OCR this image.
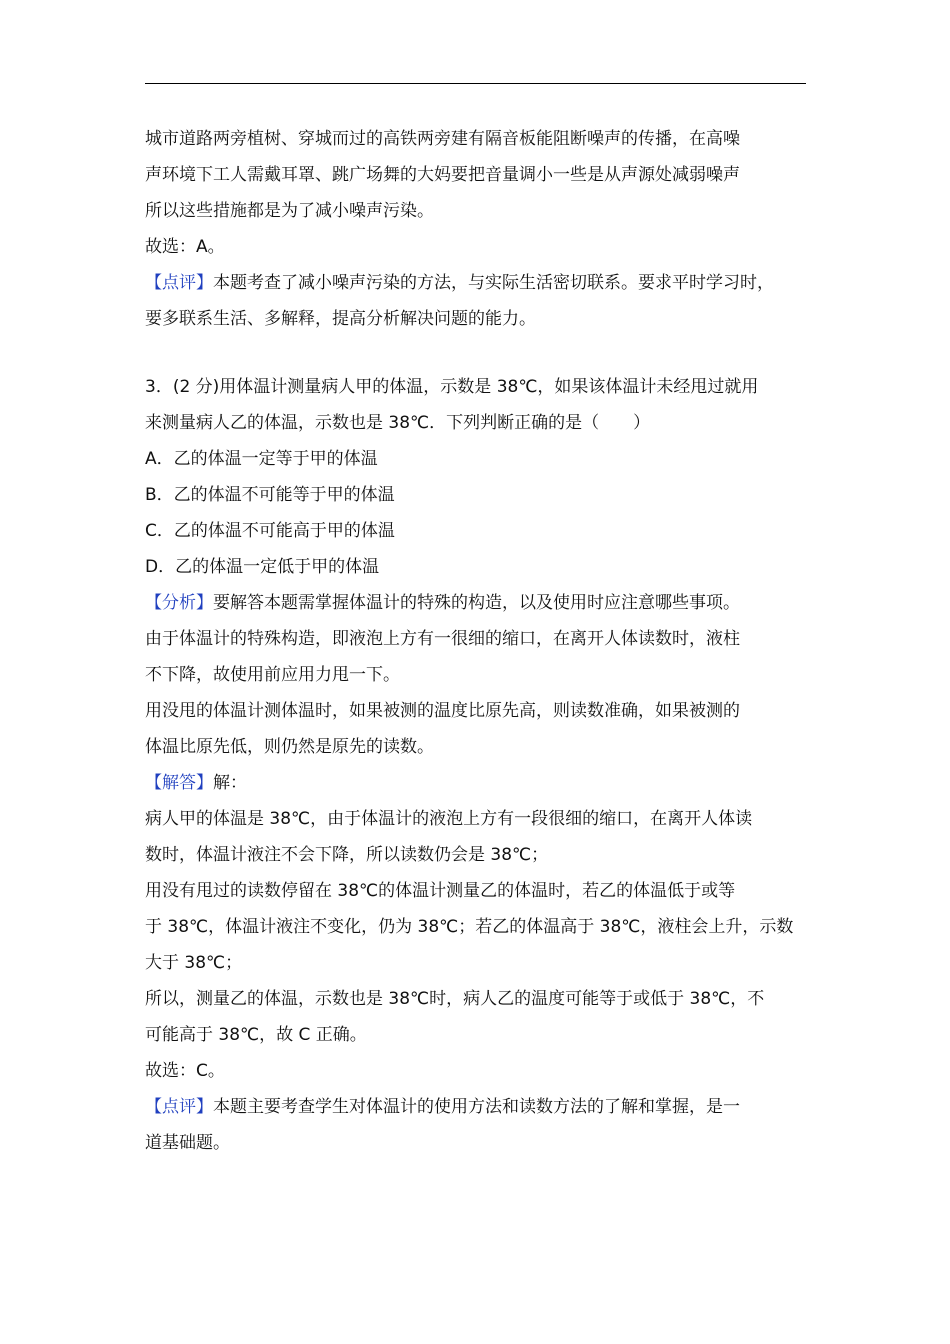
城市道路两旁植树、穿城而过的高铁两旁建有隔音板能阻断噪声的传播，在高噪
声环境下工人需戴耳罩、跳广场舞的大妈要把音量调小一些是从声源处减弱噪声
所以这些措施都是为了减小噪声污染。
故选：A。
【点评】本题考查了减小噪声污染的方法，与实际生活密切联系。要求平时学习时，
要多联系生活、多解释，提高分析解决问题的能力。
3．(2 分)用体温计测量病人甲的体温，示数是 38℃，如果该体温计未经甩过就用
来测量病人乙的体温，示数也是 38℃．下列判断正确的是（　　）
A．乙的体温一定等于甲的体温
B．乙的体温不可能等于甲的体温
C．乙的体温不可能高于甲的体温
D．乙的体温一定低于甲的体温
【分析】要解答本题需掌握体温计的特殊的构造，以及使用时应注意哪些事项。
由于体温计的特殊构造，即液泡上方有一很细的缩口，在离开人体读数时，液柱
不下降，故使用前应用力甩一下。
用没甩的体温计测体温时，如果被测的温度比原先高，则读数准确，如果被测的
体温比原先低，则仍然是原先的读数。
【解答】解：
病人甲的体温是 38℃，由于体温计的液泡上方有一段很细的缩口，在离开人体读
数时，体温计液注不会下降，所以读数仍会是 38℃；
用没有甩过的读数停留在 38℃的体温计测量乙的体温时，若乙的体温低于或等
于 38℃，体温计液注不变化，仍为 38℃；若乙的体温高于 38℃，液柱会上升，示数
大于 38℃；
所以，测量乙的体温，示数也是 38℃时，病人乙的温度可能等于或低于 38℃，不
可能高于 38℃，故 C 正确。
故选：C。
【点评】本题主要考查学生对体温计的使用方法和读数方法的了解和掌握，是一
道基础题。
